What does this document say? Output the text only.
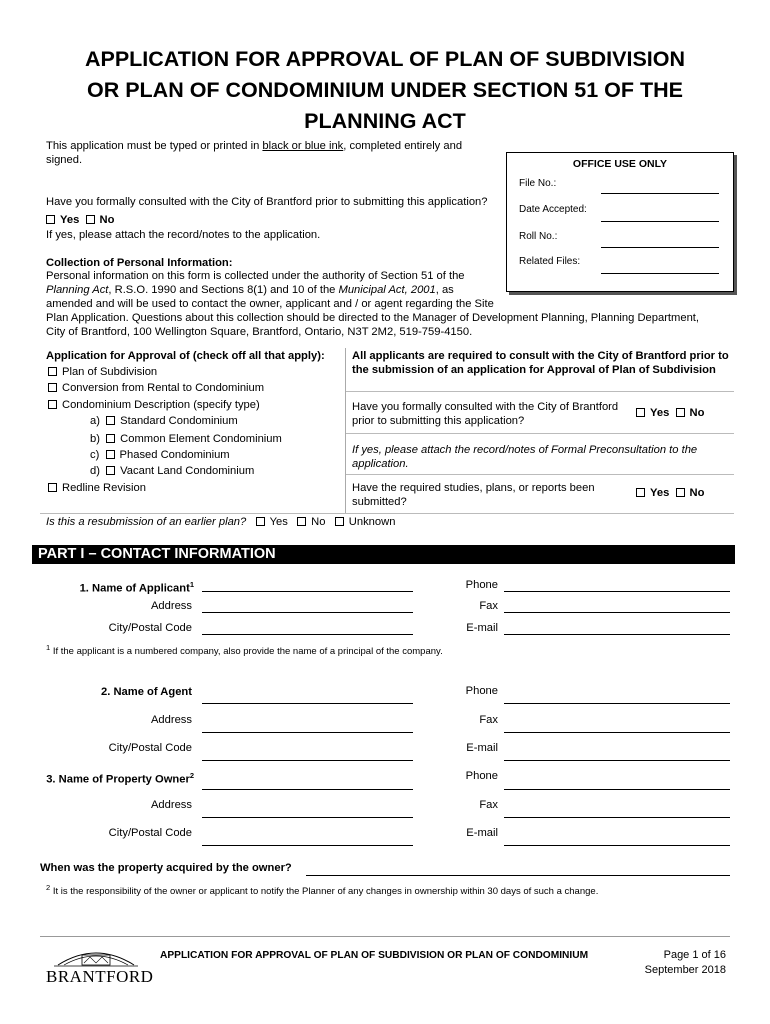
APPLICATION FOR APPROVAL OF PLAN OF SUBDIVISION
OR PLAN OF CONDOMINIUM UNDER SECTION 51 OF THE
PLANNING ACT
This application must be typed or printed in black or blue ink, completed entirely and
signed.	OFFICE USE ONLY
File No.:
Date Accepted:
Roll No.:
Related Files:
Have you formally consulted with the City of Brantford prior to submitting this application?
Yes No
If yes, please attach the record/notes to the application.
Collection of Personal Information:
Personal information on this form is collected under the authority of Section 51 of the
Planning Act, R.S.O. 1990 and Sections 8(1) and 10 of the Municipal Act, 2001, as
amended and will be used to contact the owner, applicant and / or agent regarding the Site
Plan Application. Questions about this collection should be directed to the Manager of Development Planning, Planning Department,
City of Brantford, 100 Wellington Square, Brantford, Ontario, N3T 2M2, 519-759-4150.
Application for Approval of (check off all that apply):
Plan of Subdivision
Conversion from Rental to Condominium
Condominium Description (specify type)
a) Standard Condominium
b) Common Element Condominium
c) Phased Condominium
d) Vacant Land Condominium
Redline Revision
All applicants are required to consult with the City of Brantford prior to the submission of an application for Approval of Plan of Subdivision
Have you formally consulted with the City of Brantford prior to submitting this application?
Yes No
If yes, please attach the record/notes of Formal Preconsultation to the application.
Have the required studies, plans, or reports been submitted?
Yes No
Is this a resubmission of an earlier plan? Yes No Unknown
PART I – CONTACT INFORMATION
1. Name of Applicant$^1$	Phone
Address	Fax
City/Postal Code	E-mail
$^1$ If the applicant is a numbered company, also provide the name of a principal of the company.
2. Name of Agent	Phone
Address	Fax
City/Postal Code	E-mail
3. Name of Property Owner$^2$	Phone
Address	Fax
City/Postal Code	E-mail
When was the property acquired by the owner?
$^2$ It is the responsibility of the owner or applicant to notify the Planner of any changes in ownership within 30 days of such a change.
BRANTFORD
APPLICATION FOR APPROVAL OF PLAN OF SUBDIVISION OR PLAN OF CONDOMINIUM	Page 1 of 16
September 2018
